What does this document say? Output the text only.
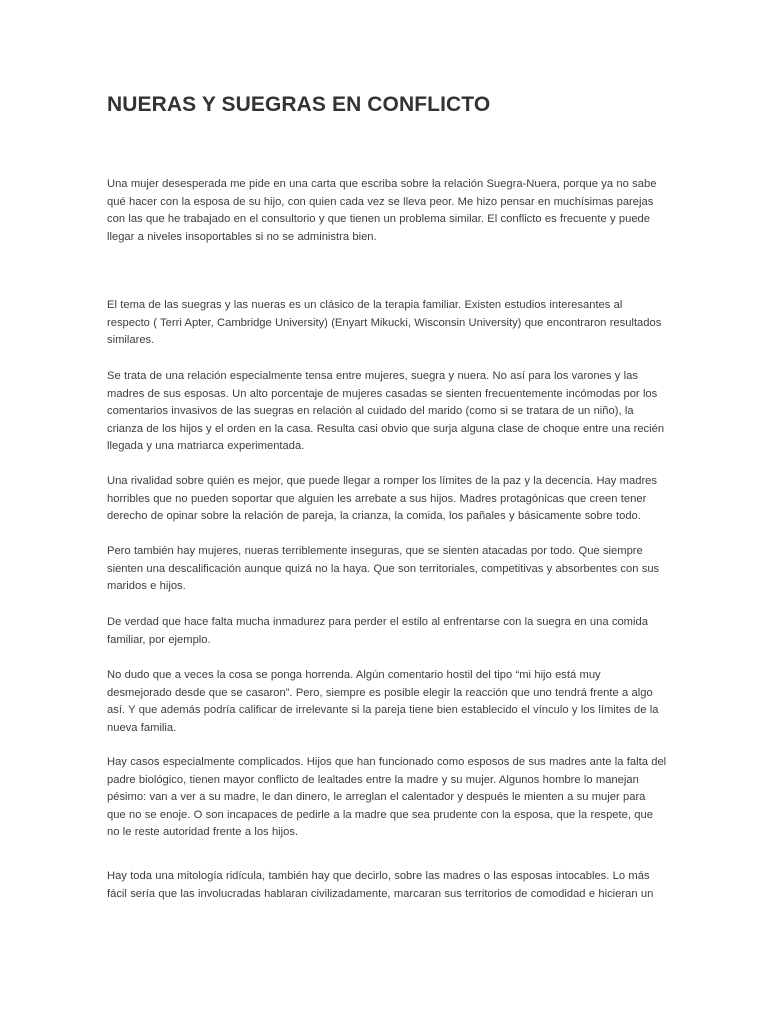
NUERAS Y SUEGRAS EN CONFLICTO

Una mujer desesperada me pide en una carta que escriba sobre la relación Suegra-Nuera, porque ya no sabe qué hacer con la esposa de su hijo, con quien cada vez se lleva peor. Me hizo pensar en muchísimas parejas con las que he trabajado en el consultorio y que tienen un problema similar. El conflicto es frecuente y puede llegar a niveles insoportables si no se administra bien.

El tema de las suegras y las nueras es un clásico de la terapia familiar. Existen estudios interesantes al respecto ( Terri Apter, Cambridge University) (Enyart Mikucki, Wisconsin University) que encontraron resultados similares.

Se trata de una relación especialmente tensa entre mujeres, suegra y nuera. No así para los varones y las madres de sus esposas. Un alto porcentaje de mujeres casadas se sienten frecuentemente incómodas por los comentarios invasivos de las suegras en relación al cuidado del marido (como si se tratara de un niño), la crianza de los hijos y el orden en la casa. Resulta casi obvio que surja alguna clase de choque entre una recién llegada y una matriarca experimentada.

Una rivalidad sobre quién es mejor, que puede llegar a romper los límites de la paz y la decencia. Hay madres horribles que no pueden soportar que alguien les arrebate a sus hijos. Madres protagónicas que creen tener derecho de opinar sobre la relación de pareja, la crianza, la comida, los pañales y básicamente sobre todo.

Pero también hay mujeres, nueras terriblemente inseguras, que se sienten atacadas por todo. Que siempre sienten una descalificación aunque quizá no la haya. Que son territoriales, competitivas y absorbentes con sus maridos e hijos.

De verdad que hace falta mucha inmadurez para perder el estilo al enfrentarse con la suegra en una comida familiar, por ejemplo.

No dudo que a veces la cosa se ponga horrenda. Algún comentario hostil del tipo “mi hijo está muy desmejorado desde que se casaron”. Pero, siempre es posible elegir la reacción que uno tendrá frente a algo así. Y que además podría calificar de irrelevante si la pareja tiene bien establecido el vínculo y los límites de la nueva familia.

Hay casos especialmente complicados. Hijos que han funcionado como esposos de sus madres ante la falta del padre biológico, tienen mayor conflicto de lealtades entre la madre y su mujer. Algunos hombre lo manejan pésimo: van a ver a su madre, le dan dinero, le arreglan el calentador y después le mienten a su mujer para que no se enoje. O son incapaces de pedirle a la madre que sea prudente con la esposa, que la respete, que no le reste autoridad frente a los hijos.

Hay toda una mitología ridícula, también hay que decirlo, sobre las madres o las esposas intocables. Lo más fácil sería que las involucradas hablaran civilizadamente, marcaran sus territorios de comodidad e hicieran un
